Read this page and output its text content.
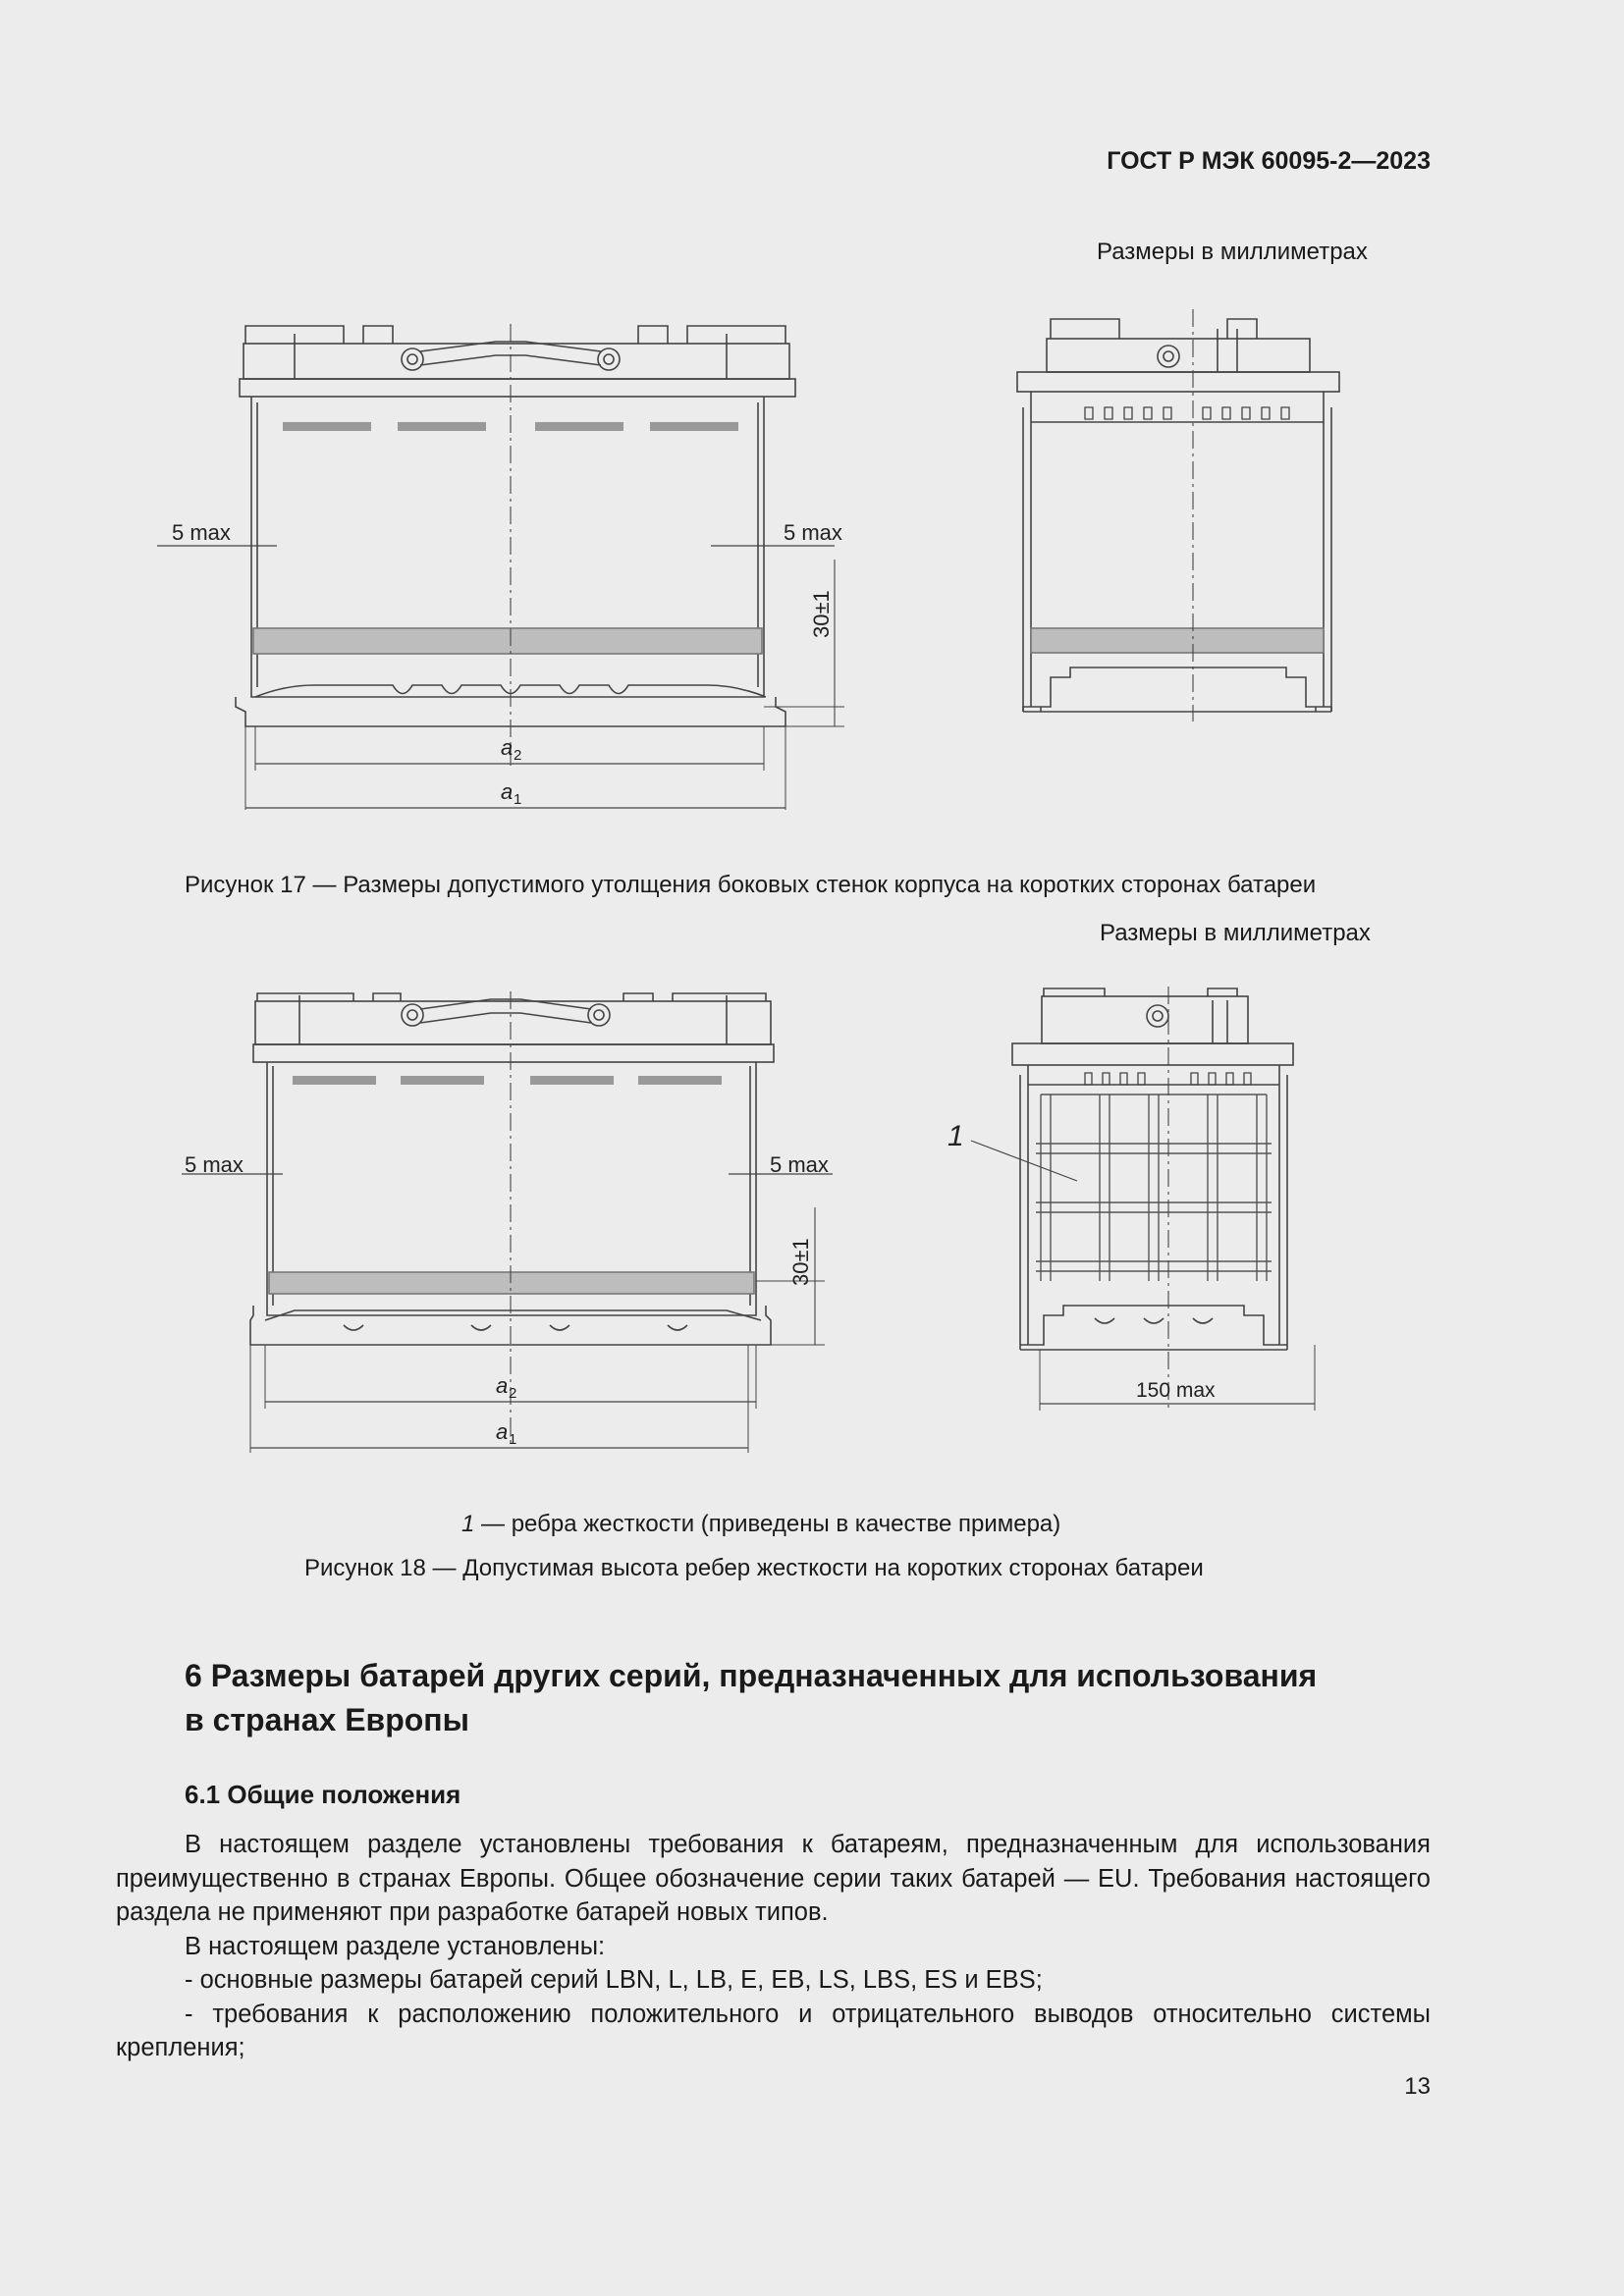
ГОСТ Р МЭК 60095-2—2023
Размеры в миллиметрах
5 max	5 max
30±1
a 2
a 1
Рисунок 17 — Размеры допустимого утолщения боковых стенок корпуса на коротких сторонах батареи
Размеры в миллиметрах
5 max	5 max
30±1
a 2
a 1
1
150 max
1 — ребра жесткости (приведены в качестве примера)
Рисунок 18 — Допустимая высота ребер жесткости на коротких сторонах батареи
6 Размеры батарей других серий, предназначенных для использования
в странах Европы
6.1 Общие положения

В настоящем разделе установлены требования к батареям, предназначенным для использования преимущественно в странах Европы. Общее обозначение серии таких батарей — EU. Требования настоящего раздела не применяют при разработке батарей новых типов.

В настоящем разделе установлены:

- основные размеры батарей серий LBN, L, LB, E, EB, LS, LBS, ES и EBS;

- требования к расположению положительного и отрицательного выводов относительно системы крепления;

13
